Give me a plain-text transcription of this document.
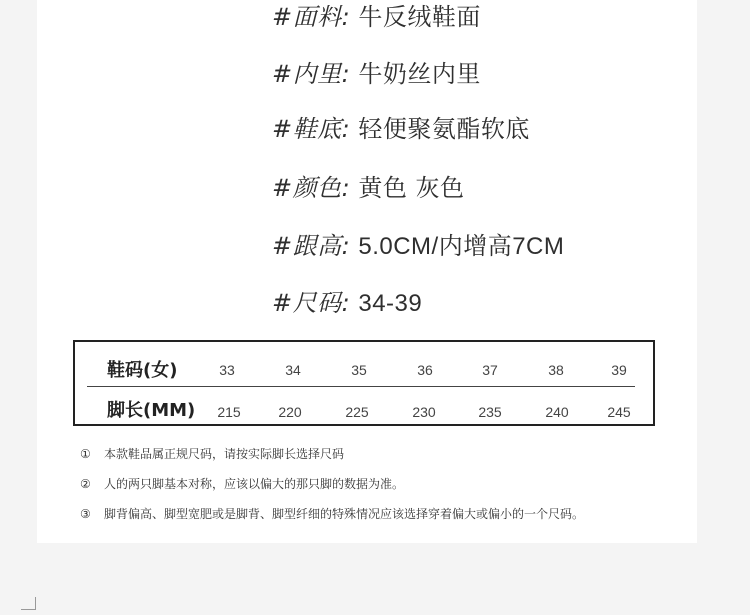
#面料: 牛反绒鞋面
#内里: 牛奶丝内里
#鞋底: 轻便聚氨酯软底
#颜色: 黄色 灰色
#跟高: 5.0CM/内增高7CM
#尺码: 34-39
鞋码(女)	33	34	35	36	37	38	39
脚长(MM)	215	220	225	230	235	240	245
① 本款鞋品属正规尺码，请按实际脚长选择尺码
② 人的两只脚基本对称，应该以偏大的那只脚的数据为准。
③ 脚背偏高、脚型宽肥或是脚背、脚型纤细的特殊情况应该选择穿着偏大或偏小的一个尺码。
